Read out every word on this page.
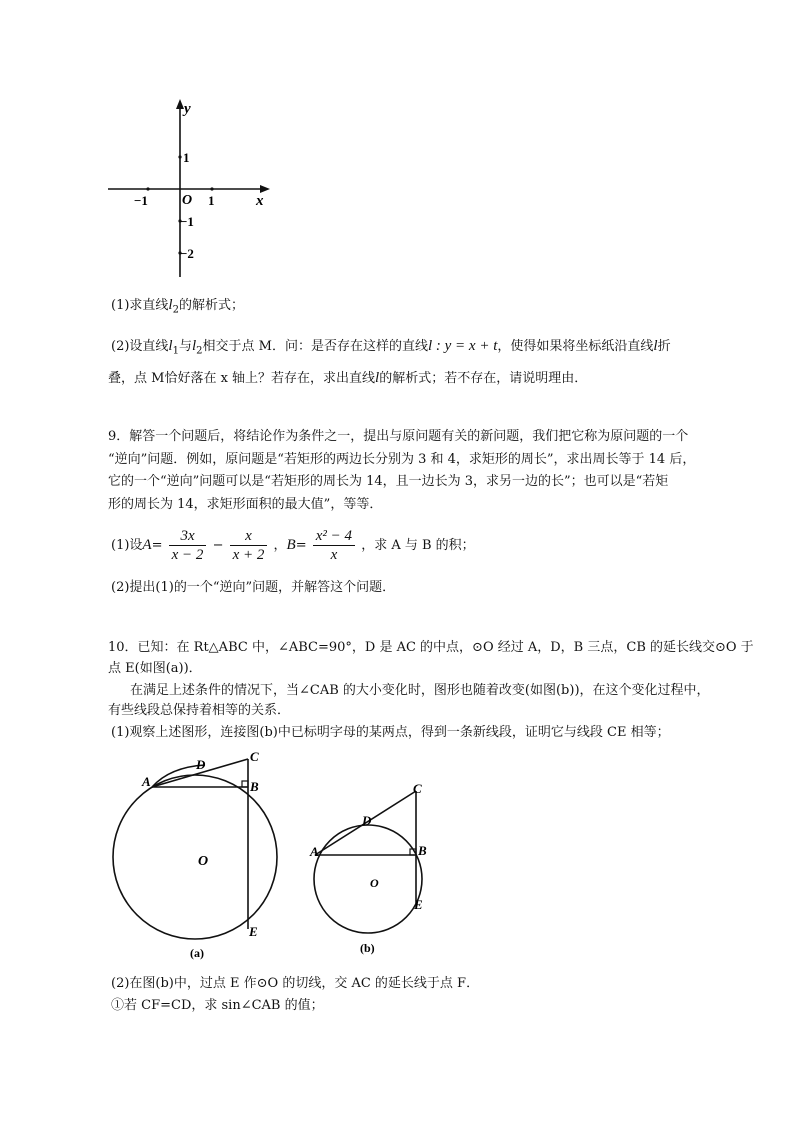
y
x
O
−1	1
1
−1
−2
(1)求直线$l_2$的解析式；
(2)设直线$l_1$与$l_2$相交于点 M．问：是否存在这样的直线l : y = x + t，使得如果将坐标纸沿直线l折
叠，点 M恰好落在 x 轴上？若存在，求出直线l的解析式；若不存在，请说明理由．
9．解答一个问题后，将结论作为条件之一，提出与原问题有关的新问题，我们把它称为原问题的一个
“逆向”问题．例如，原问题是“若矩形的两边长分别为 3 和 4，求矩形的周长”，求出周长等于 14 后，
它的一个“逆向”问题可以是“若矩形的周长为 14，且一边长为 3，求另一边的长”；也可以是“若矩
形的周长为 14，求矩形面积的最大值”，等等．
(1)设$A= \frac{3x}{x - 2} - \frac{x}{x + 2}$ ，$B= \frac{\text{x² − 4}}{x}$ ，求 A 与 B 的积；
(2)提出(1)的一个“逆向”问题，并解答这个问题．
10．已知：在 Rt△ABC 中，∠ABC=90°，D 是 AC 的中点，⊙O 经过 A，D，B 三点，CB 的延长线交⊙O 于
点 E(如图(a))．
在满足上述条件的情况下，当∠CAB 的大小变化时，图形也随着改变(如图(b))，在这个变化过程中，
有些线段总保持着相等的关系．
(1)观察上述图形，连接图(b)中已标明字母的某两点，得到一条新线段，证明它与线段 CE 相等；
A	B
C
D
E
O
(a)
A	B
C
D
E
O
(b)
(2)在图(b)中，过点 E 作⊙O 的切线，交 AC 的延长线于点 F．
①若 CF=CD，求 sin∠CAB 的值；
